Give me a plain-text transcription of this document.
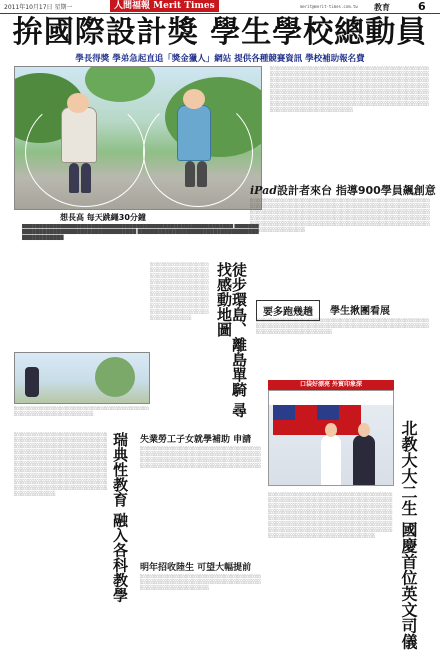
2011年10月17日 星期一	人間福報 Merit Times	merit@merit-times.com.tw 教育	6
拚國際設計獎 學生學校總動員
學長得獎 學弟急起直追「獎金獵人」網站 提供各種競賽資訊 學校補助報名費
想長高 每天跳繩30分鐘
█████████████████████████████████████████████████████████████ ████████████████████████████████████████ ███████████████████████████████████████████████
░░░░░░░░░░░░░░░░░░░░░░░░░░░░░░░░░░░░░░░░░░░░░░░░░░░░░░░░░░░░░░░░░░░░░░░░░░░░░░░░░░░░░░░░░░░░░░░░░░░░░░░░░░░░░░░░░░░░░░░░░░░░░░░░░░░░░░░░░░░░░░░░░░░░░░░░░░░░░░░░░░░░░░░░░░░░░░░░░░░░░░░░░░░░░░░░░░░░░░░░░░░░░░░░░░░░░░░░░░░░░░░░░░░░░░░░░░░░░░░░░░░░░░░░░░░░░░░░░░░░░░░░░░░░░░░░░░░░░░░░░░░░░░░░░░░░░░░░░░░░░░░░░░░░░░░░░░░░░░░░░░░░░░░░░░░░░░░░░░░░░░░░░░
iPad設計者來台 指導900學員飆創意
░░░░░░░░░░░░░░░░░░░░░░░░░░░░░░░░░░░░░░░░░░░░░░░░░░░░░░░░░░░░░░░░░░░░░░░░░░░░░░░░░░░░░░░░░░░░░░░░░░░░░░░░░░░░░░░░░░░░░░░░░░░░░░░░░░░░░░░░░░░░░░░░░░░░░░░░░░░░░░░░░░░░░░░░░░░░░░░░░░░░░░░░░░░░░░░░░░░░░░░░░░░░░░░░░░░░░░░░░░░░░░░░░░░░░░░░░░░░░░░░░░░░░░░░░░░░░░░░░░░░░░░░░░░░░░░░░░░░
徒步環島、離島單騎 尋找感動地圖
░░░░░░░░░░░░░░░░░░░░░░░░░░░░░░░░░░░░░░░░░░░░░░░░░░░░░░░░░░░░░░░░░░░░░░░░░░░░░░░░░░░░░░░░░░░░░░░░░░░░░░░░░░░░░░░░░░░░░░░░░░░░░░░░░░░░░░░░░░░░░░░░░░░░░░░░░░░░░░░░░░░░░
░░░░░░░░░░░░░░░░░░░░░░░░░░░░░░░░░░░░░░░░░░░░░░░░░░░░░░░░░░░░░░
要多跑幾趟	學生揪團看展
░░░░░░░░░░░░░░░░░░░░░░░░░░░░░░░░░░░░░░░░░░░░░░░░░░░░░░░░░░░░░░░░░░░░░░░░░░░░░░░░░░░░░░░░░░░░░░░░░░░░░░░░░░░░░░░░░░░░░░░░░░
口袋好漂亮 外貿印象深
北教大大二生 國慶首位英文司儀
░░░░░░░░░░░░░░░░░░░░░░░░░░░░░░░░░░░░░░░░░░░░░░░░░░░░░░░░░░░░░░░░░░░░░░░░░░░░░░░░░░░░░░░░░░░░░░░░░░░░░░░░░░░░░░░░░░░░░░░░░░░░░░░░░░░░░░░░░░░░░░░░░░░░░░░░░░░░░░░░░░░░░░░░░░░░░░░░░░░░░░░░░░░░░░░░░░░░░░░░░░░░░░░░░░░░░░░░░░░░░░░░░░░░░░░░░░░░░░░░░░░░░░░░░░░░░░░░░░░░░░░░░░░░░░░░░░░░░░░░░░░
失業勞工子女就學補助 申請
░░░░░░░░░░░░░░░░░░░░░░░░░░░░░░░░░░░░░░░░░░░░░░░░░░░░░░░░░░░░░░░░░░░░░░░░░░░░░░░░░░░░░░░░░░░░░░░░░░░░░░░░░░░░░░░░░░░░░░░░░░░░░░░░░░░░░░░░░░░░
明年招收陸生 可望大幅提前
░░░░░░░░░░░░░░░░░░░░░░░░░░░░░░░░░░░░░░░░░░░░░░░░░░░░░░░░░░░░░░░░░░░░░░░░░░░░░░░░░░░░░░░░░░
瑞典性教育 融入各科教學
░░░░░░░░░░░░░░░░░░░░░░░░░░░░░░░░░░░░░░░░░░░░░░░░░░░░░░░░░░░░░░░░░░░░░░░░░░░░░░░░░░░░░░░░░░░░░░░░░░░░░░░░░░░░░░░░░░░░░░░░░░░░░░░░░░░░░░░░░░░░░░░░░░░░░░░░░░░░░░░░░░░░░░░░░░░░░░░░░░░░░░░░░░░░░░░░░░░░░░░░░░░░░░░░░░░░░░░░░░░░░░░░░░░░░░░░░░░░░░░░░░░░░░░░░░░░░░░░░░░░░░░░░░░░░░░░░░░░░░░░░░
